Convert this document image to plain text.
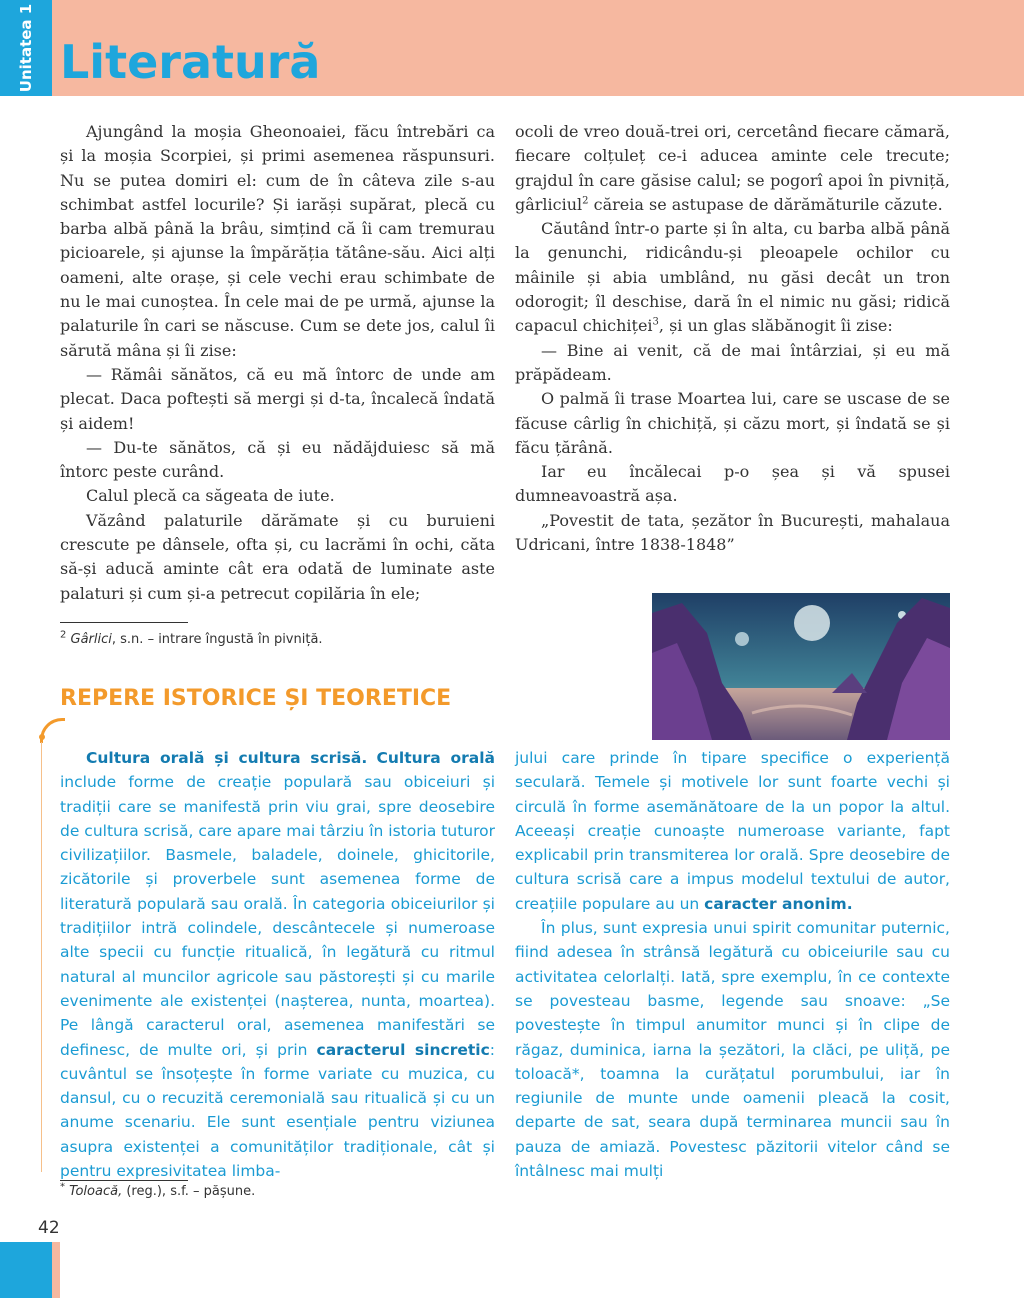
Unitatea 1 Literatură

Ajungând la moșia Gheonoaiei, făcu întrebări ca și la moșia Scorpiei, și primi asemenea răspunsuri. Nu se putea domiri el: cum de în câteva zile s-au schimbat astfel locurile? Și iarăși supărat, plecă cu barba albă până la brâu, simțind că îi cam tremurau picioarele, și ajunse la împărăția tătâne-său. Aici alți oameni, alte orașe, și cele vechi erau schimbate de nu le mai cunoștea. În cele mai de pe urmă, ajunse la palaturile în cari se născuse. Cum se dete jos, calul îi sărută mâna și îi zise:

— Rămâi sănătos, că eu mă întorc de unde am plecat. Daca poftești să mergi și d-ta, încalecă îndată și aidem!

— Du-te sănătos, că și eu nădăjduiesc să mă întorc peste curând.

Calul plecă ca săgeata de iute.

Văzând palaturile dărămate și cu buruieni crescute pe dânsele, ofta și, cu lacrămi în ochi, căta să-și aducă aminte cât era odată de luminate aste palaturi și cum și-a petrecut copilăria în ele;

ocoli de vreo două-trei ori, cercetând fiecare cămară, fiecare colțuleț ce-i aducea aminte cele trecute; grajdul în care găsise calul; se pogorî apoi în pivniță, gârliciul$^2$ căreia se astupase de dărămăturile căzute.

Căutând într-o parte și în alta, cu barba albă până la genunchi, ridicându-și pleoapele ochilor cu mâinile și abia umblând, nu găsi decât un tron odorogit; îl deschise, dară în el nimic nu găsi; ridică capacul chichiței$^3$, și un glas slăbănogit îi zise:

— Bine ai venit, că de mai întârziai, și eu mă prăpădeam.

O palmă îi trase Moartea lui, care se uscase de se făcuse cârlig în chichiță, și căzu mort, și îndată se și făcu țărână.

Iar eu încălecai p-o șea și vă spusei dumneavoastră așa.

„Povestit de tata, șezător în București, mahalaua Udricani, între 1838-1848”

$^2$ Gârlici, s.n. – intrare îngustă în pivniță.
REPERE ISTORICE ȘI TEORETICE

Cultura orală și cultura scrisă. Cultura orală include forme de creație populară sau obiceiuri și tradiții care se manifestă prin viu grai, spre deosebire de cultura scrisă, care apare mai târziu în istoria tuturor civilizațiilor. Basmele, baladele, doinele, ghicitorile, zicătorile și proverbele sunt asemenea forme de literatură populară sau orală. În categoria obiceiurilor și tradițiilor intră colindele, descântecele și numeroase alte specii cu funcție ritualică, în legătură cu ritmul natural al muncilor agricole sau păstorești și cu marile evenimente ale existenței (nașterea, nunta, moartea). Pe lângă caracterul oral, asemenea manifestări se definesc, de multe ori, și prin caracterul sincretic: cuvântul se însoțește în forme variate cu muzica, cu dansul, cu o recuzită ceremonială sau ritualică și cu un anume scenariu. Ele sunt esențiale pentru viziunea asupra existenței a comunităților tradiționale, cât și pentru expresivitatea limba-

jului care prinde în tipare specifice o experiență seculară. Temele și motivele lor sunt foarte vechi și circulă în forme asemănătoare de la un popor la altul. Aceeași creație cunoaște numeroase variante, fapt explicabil prin transmiterea lor orală. Spre deosebire de cultura scrisă care a impus modelul textului de autor, creațiile populare au un caracter anonim.

În plus, sunt expresia unui spirit comunitar puternic, fiind adesea în strânsă legătură cu obiceiurile sau cu activitatea celorlalți. Iată, spre exemplu, în ce contexte se povesteau basme, legende sau snoave: „Se povestește în timpul anumitor munci și în clipe de răgaz, duminica, iarna la șezători, la clăci, pe uliță, pe toloacă*, toamna la curățatul porumbului, iar în regiunile de munte unde oamenii pleacă la cosit, departe de sat, seara după terminarea muncii sau în pauza de amiază. Povestesc păzitorii vitelor când se întâlnesc mai mulți

* Toloacă, (reg.), s.f. – pășune.
42
